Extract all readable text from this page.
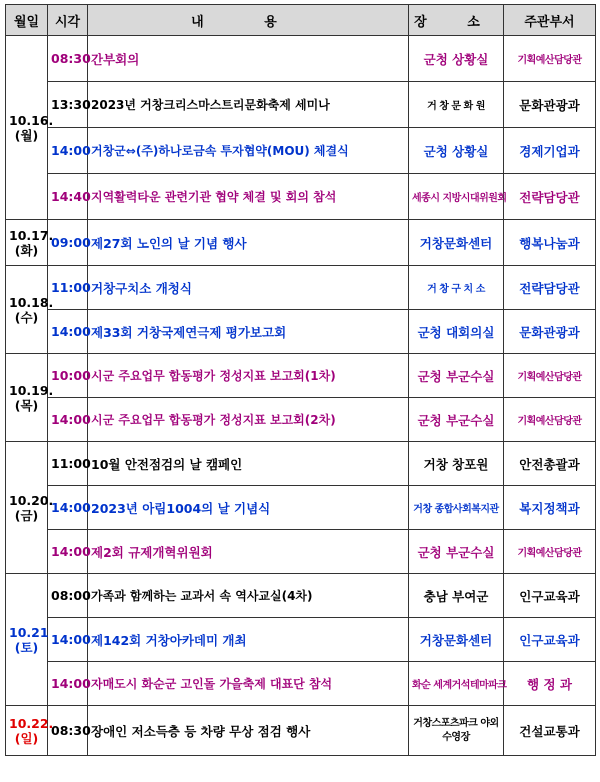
월일	시각	내 용	장 소	주관부서

10.16.
(월)	08:30	간부회의	군청 상황실	기획예산담당관
	13:30	2023년 거창크리스마스트리문화축제 세미나	거 창 문 화 원	문화관광과
	14:00	거창군⇔(주)하나로금속 투자협약(MOU) 체결식	군청 상황실	경제기업과
	14:40	지역활력타운 관련기관 협약 체결 및 회의 참석	세종시 지방시대위원회	전략담당관

10.17.
(화)	09:00	제27회 노인의 날 기념 행사	거창문화센터	행복나눔과

10.18.
(수)	11:00	거창구치소 개청식	거 창 구 치 소	전략담당관
	14:00	제33회 거창국제연극제 평가보고회	군청 대회의실	문화관광과

10.19.
(목)	10:00	시군 주요업무 합동평가 정성지표 보고회(1차)	군청 부군수실	기획예산담당관
	14:00	시군 주요업무 합동평가 정성지표 보고회(2차)	군청 부군수실	기획예산담당관

10.20.
(금)	11:00	10월 안전점검의 날 캠페인	거창 창포원	안전총괄과
	14:00	2023년 아림1004의 날 기념식	거창 종합사회복지관	복지정책과
	14:00	제2회 규제개혁위원회	군청 부군수실	기획예산담당관

10.21
(토)	08:00	가족과 함께하는 교과서 속 역사교실(4차)	충남 부여군	인구교육과
	14:00	제142회 거창아카데미 개최	거창문화센터	인구교육과
	14:00	자매도시 화순군 고인돌 가을축제 대표단 참석	화순 세계거석테마파크	행 정 과

10.22.
(일)	08:30	장애인 저소득층 등 차량 무상 점검 행사	거창스포츠파크 야외수영장	건설교통과
